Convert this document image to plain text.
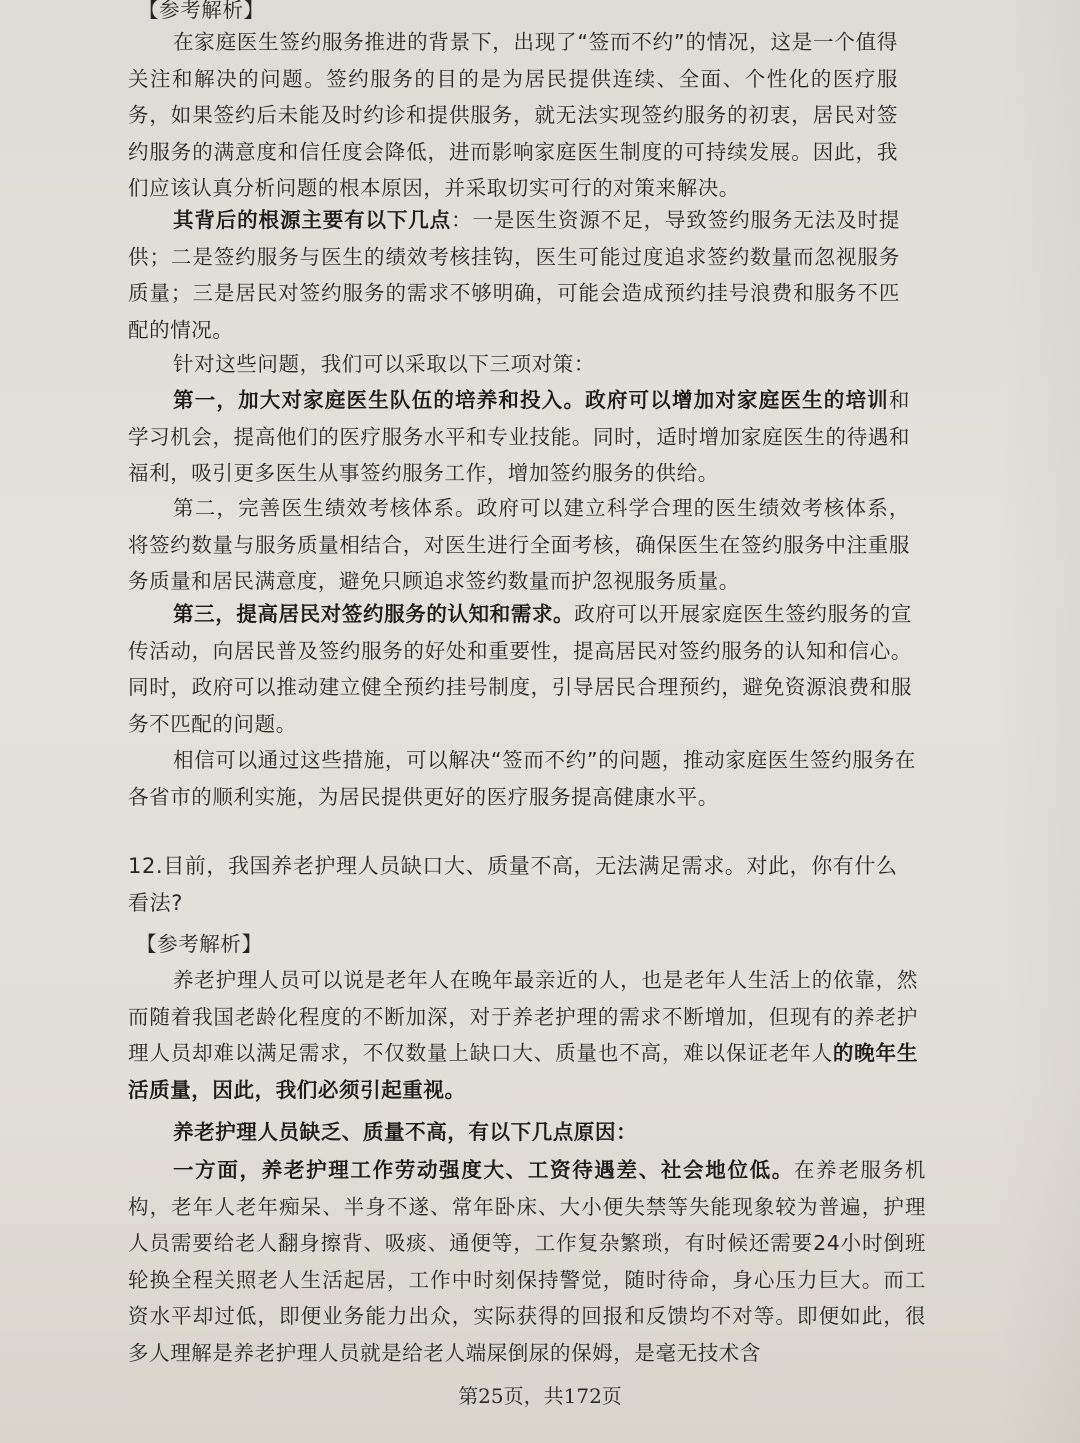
【参考解析】

在家庭医生签约服务推进的背景下，出现了“签而不约”的情况，这是一个值得关注和解决的问题。签约服务的目的是为居民提供连续、全面、个性化的医疗服务，如果签约后未能及时约诊和提供服务，就无法实现签约服务的初衷，居民对签约服务的满意度和信任度会降低，进而影响家庭医生制度的可持续发展。因此，我们应该认真分析问题的根本原因，并采取切实可行的对策来解决。

其背后的根源主要有以下几点：一是医生资源不足，导致签约服务无法及时提供；二是签约服务与医生的绩效考核挂钩，医生可能过度追求签约数量而忽视服务质量；三是居民对签约服务的需求不够明确，可能会造成预约挂号浪费和服务不匹配的情况。

针对这些问题，我们可以采取以下三项对策：

第一，加大对家庭医生队伍的培养和投入。政府可以增加对家庭医生的培训和学习机会，提高他们的医疗服务水平和专业技能。同时，适时增加家庭医生的待遇和福利，吸引更多医生从事签约服务工作，增加签约服务的供给。

第二，完善医生绩效考核体系。政府可以建立科学合理的医生绩效考核体系，将签约数量与服务质量相结合，对医生进行全面考核，确保医生在签约服务中注重服务质量和居民满意度，避免只顾追求签约数量而护忽视服务质量。

第三，提高居民对签约服务的认知和需求。政府可以开展家庭医生签约服务的宣传活动，向居民普及签约服务的好处和重要性，提高居民对签约服务的认知和信心。同时，政府可以推动建立健全预约挂号制度，引导居民合理预约，避免资源浪费和服务不匹配的问题。

相信可以通过这些措施，可以解决“签而不约”的问题，推动家庭医生签约服务在各省市的顺利实施，为居民提供更好的医疗服务提高健康水平。

12.目前，我国养老护理人员缺口大、质量不高，无法满足需求。对此，你有什么看法?

【参考解析】

养老护理人员可以说是老年人在晚年最亲近的人，也是老年人生活上的依靠，然而随着我国老龄化程度的不断加深，对于养老护理的需求不断增加，但现有的养老护理人员却难以满足需求，不仅数量上缺口大、质量也不高，难以保证老年人的晚年生活质量，因此，我们必须引起重视。

养老护理人员缺乏、质量不高，有以下几点原因：

一方面，养老护理工作劳动强度大、工资待遇差、社会地位低。在养老服务机构，老年人老年痴呆、半身不遂、常年卧床、大小便失禁等失能现象较为普遍，护理人员需要给老人翻身擦背、吸痰、通便等，工作复杂繁琐，有时候还需要24小时倒班轮换全程关照老人生活起居，工作中时刻保持警觉，随时待命，身心压力巨大。而工资水平却过低，即便业务能力出众，实际获得的回报和反馈均不对等。即便如此，很多人理解是养老护理人员就是给老人端屎倒尿的保姆，是毫无技术含

第25页，共172页
